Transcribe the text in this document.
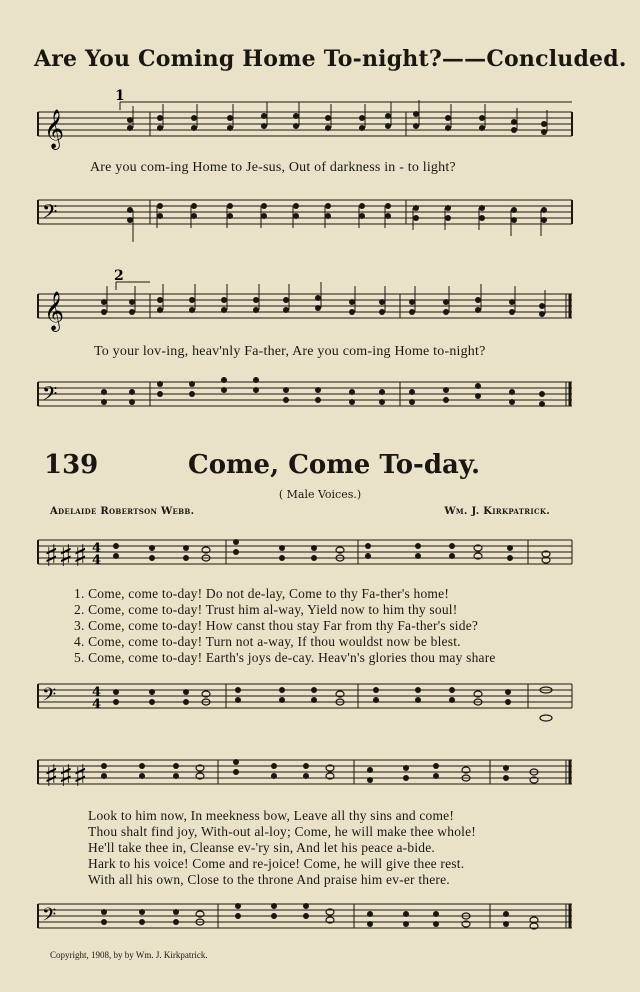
Are You Coming Home To-night?——Concluded.
1
𝄞
Are you com-ing Home to Je-sus, Out of darkness in - to light?
𝄢
2
𝄞
To your lov-ing, heav'nly Fa-ther, Are you com-ing Home to-night?
𝄢
139	Come, Come To-day.
( Male Voices.)
Adelaide Robertson Webb.	Wm. J. Kirkpatrick.
♯♯♯ 4
4
1. Come, come to-day! Do not de-lay, Come to thy Fa-ther's home!
2. Come, come to-day! Trust him al-way, Yield now to him thy soul!
3. Come, come to-day! How canst thou stay Far from thy Fa-ther's side?
4. Come, come to-day! Turn not a-way, If thou wouldst now be blest.
5. Come, come to-day! Earth's joys de-cay. Heav'n's glories thou may share
𝄢	4
4
♯♯♯
Look to him now, In meekness bow, Leave all thy sins and come!
Thou shalt find joy, With-out al-loy; Come, he will make thee whole!
He'll take thee in, Cleanse ev-'ry sin, And let his peace a-bide.
Hark to his voice! Come and re-joice! Come, he will give thee rest.
With all his own, Close to the throne And praise him ev-er there.
𝄢
Copyright, 1908, by by Wm. J. Kirkpatrick.
